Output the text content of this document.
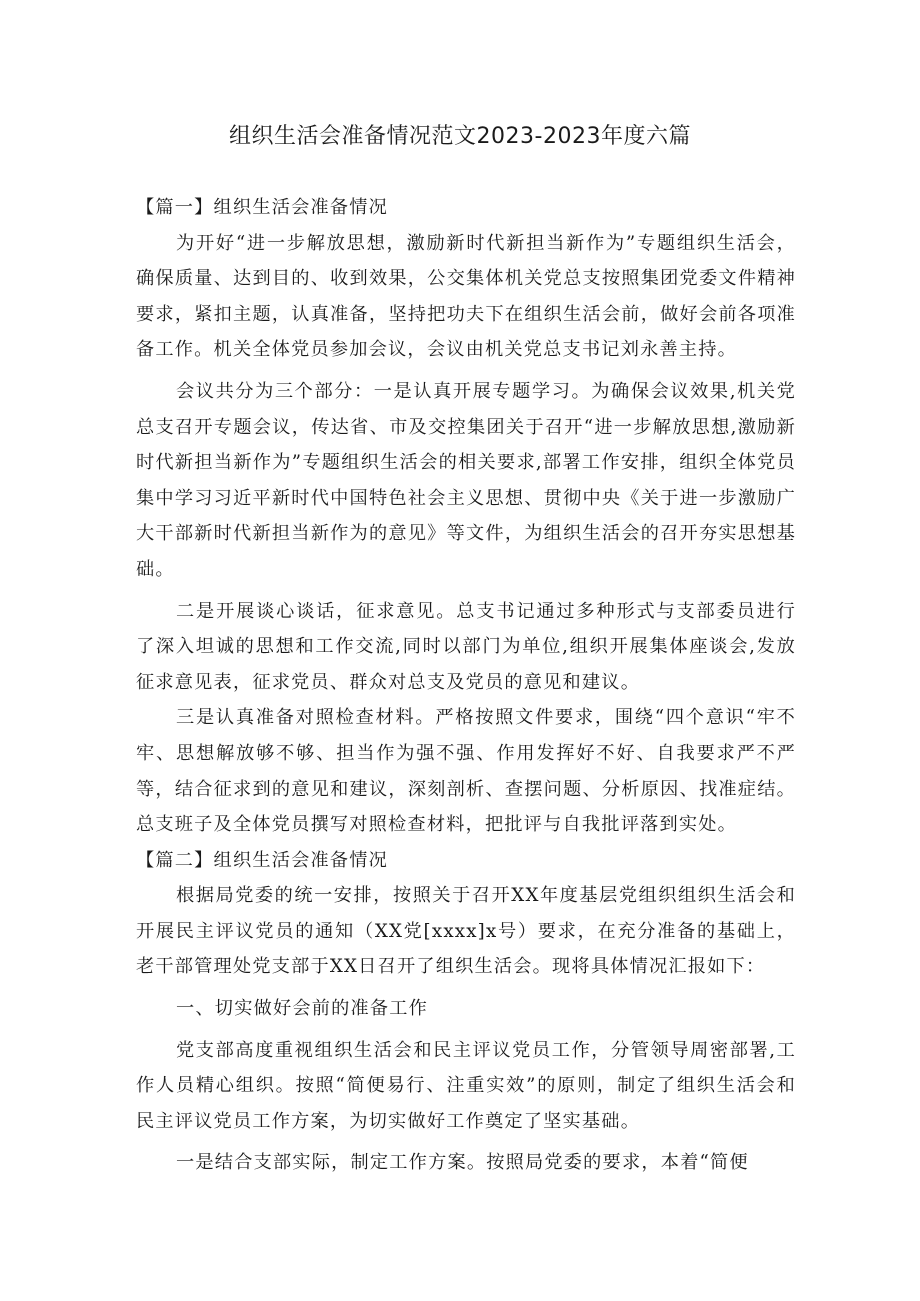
组织生活会准备情况范文2023-2023年度六篇

【篇一】组织生活会准备情况

为开好“进一步解放思想，激励新时代新担当新作为”专题组织生活会，确保质量、达到目的、收到效果，公交集体机关党总支按照集团党委文件精神要求，紧扣主题，认真准备，坚持把功夫下在组织生活会前，做好会前各项准备工作。机关全体党员参加会议，会议由机关党总支书记刘永善主持。

会议共分为三个部分：一是认真开展专题学习。为确保会议效果,机关党总支召开专题会议，传达省、市及交控集团关于召开“进一步解放思想,激励新时代新担当新作为”专题组织生活会的相关要求,部署工作安排，组织全体党员集中学习习近平新时代中国特色社会主义思想、贯彻中央《关于进一步激励广大干部新时代新担当新作为的意见》等文件，为组织生活会的召开夯实思想基础。

二是开展谈心谈话，征求意见。总支书记通过多种形式与支部委员进行了深入坦诚的思想和工作交流,同时以部门为单位,组织开展集体座谈会,发放征求意见表，征求党员、群众对总支及党员的意见和建议。

三是认真准备对照检查材料。严格按照文件要求，围绕“四个意识“牢不牢、思想解放够不够、担当作为强不强、作用发挥好不好、自我要求严不严等，结合征求到的意见和建议，深刻剖析、查摆问题、分析原因、找准症结。总支班子及全体党员撰写对照检查材料，把批评与自我批评落到实处。

【篇二】组织生活会准备情况

根据局党委的统一安排，按照关于召开XX年度基层党组织组织生活会和开展民主评议党员的通知（XX党[xxxx]x号）要求，在充分准备的基础上，老干部管理处党支部于XX日召开了组织生活会。现将具体情况汇报如下：

一、切实做好会前的准备工作

党支部高度重视组织生活会和民主评议党员工作，分管领导周密部署,工作人员精心组织。按照“简便易行、注重实效”的原则，制定了组织生活会和民主评议党员工作方案，为切实做好工作奠定了坚实基础。

一是结合支部实际，制定工作方案。按照局党委的要求，本着“简便
